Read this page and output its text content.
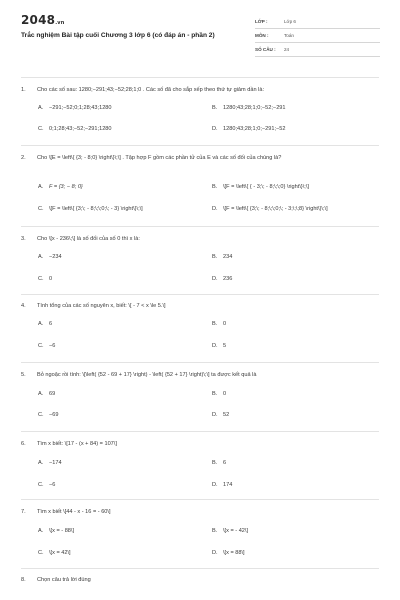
2048.vn
Trắc nghiệm Bài tập cuối Chương 3 lớp 6 (có đáp án - phần 2)
LỚP :	Lớp 6
MÔN :	Toán
SỐ CÂU : 24
1. Cho các số sau: 1280;−291;43;−52;28;1;0 . Các số đã cho sắp xếp theo thứ tự giảm dần là:
A. −291;−52;0;1;28;43;1280	B. 1280;43;28;1;0;−52;−291
C. 0;1;28;43;−52;−291;1280	D. 1280;43;28;1;0;−291;−52
2. Cho \[E = \left\{ {3; - 8;0} \right\}\;\] . Tập hợp F gồm các phần tử của E và các số đối của chúng là?
A. F = {3; − 8; 0}	B. \[F = \left\{ { - 3;\; - 8;\;\;0} \right\}\;\]
C. \[F = \left\{ {3;\; - 8;\;\;0;\; - 3} \right\}\;\]	D. \[F = \left\{ {3;\; - 8;\;\;0;\; - 3;\;\;8} \right\}\;\]
3. Cho \[x - 236\;\] là số đối của số 0 thì x là:
A. −234	B. 234
C. 0	D. 236
4. Tính tổng của các số nguyên x, biết: \[ - 7 < x \le 5.\]
A. 6	B. 0
C. −6	D. 5
5. Bỏ ngoặc rồi tính: \[\left( {52 - 69 + 17} \right) - \left( {52 + 17} \right)\;\] ta được kết quả là
A. 69	B. 0
C. −69	D. 52
6. Tìm x biết: \[17 - (x + 84) = 107\]
A. −174	B. 6
C. −6	D. 174
7. Tìm x biết \[44 - x - 16 = - 60\]
A. \[x = - 88\]	B. \[x = - 42\]
C. \[x = 42\]	D. \[x = 88\]
8. Chọn câu trả lời đúng
